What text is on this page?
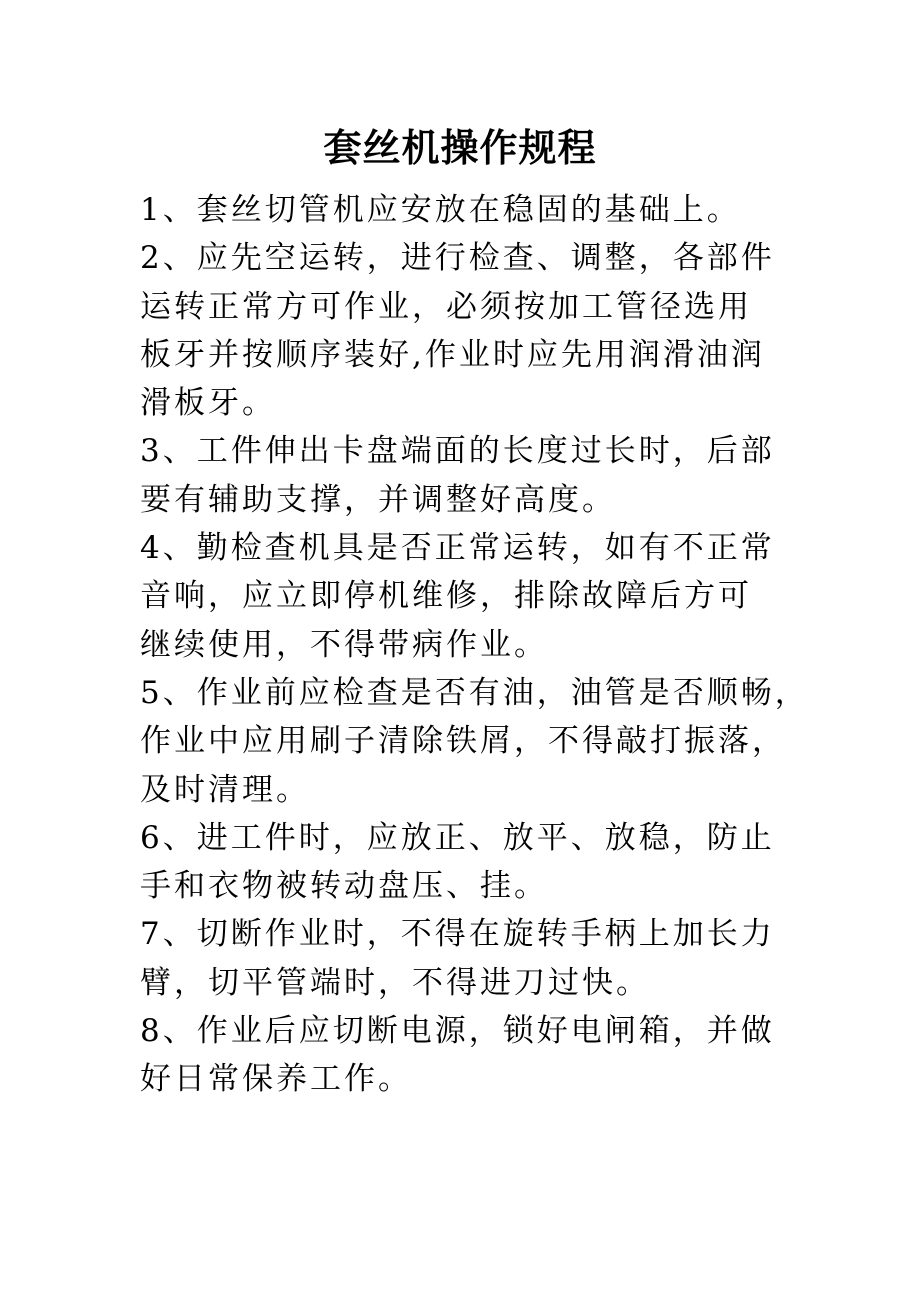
套丝机操作规程
1、套丝切管机应安放在稳固的基础上。
2、应先空运转，进行检查、调整，各部件
运转正常方可作业，必须按加工管径选用
板牙并按顺序装好,作业时应先用润滑油润
滑板牙。
3、工件伸出卡盘端面的长度过长时，后部
要有辅助支撑，并调整好高度。
4、勤检查机具是否正常运转，如有不正常
音响，应立即停机维修，排除故障后方可
继续使用，不得带病作业。
5、作业前应检查是否有油，油管是否顺畅，
作业中应用刷子清除铁屑，不得敲打振落，
及时清理。
6、进工件时，应放正、放平、放稳，防止
手和衣物被转动盘压、挂。
7、切断作业时，不得在旋转手柄上加长力
臂，切平管端时，不得进刀过快。
8、作业后应切断电源，锁好电闸箱，并做
好日常保养工作。
